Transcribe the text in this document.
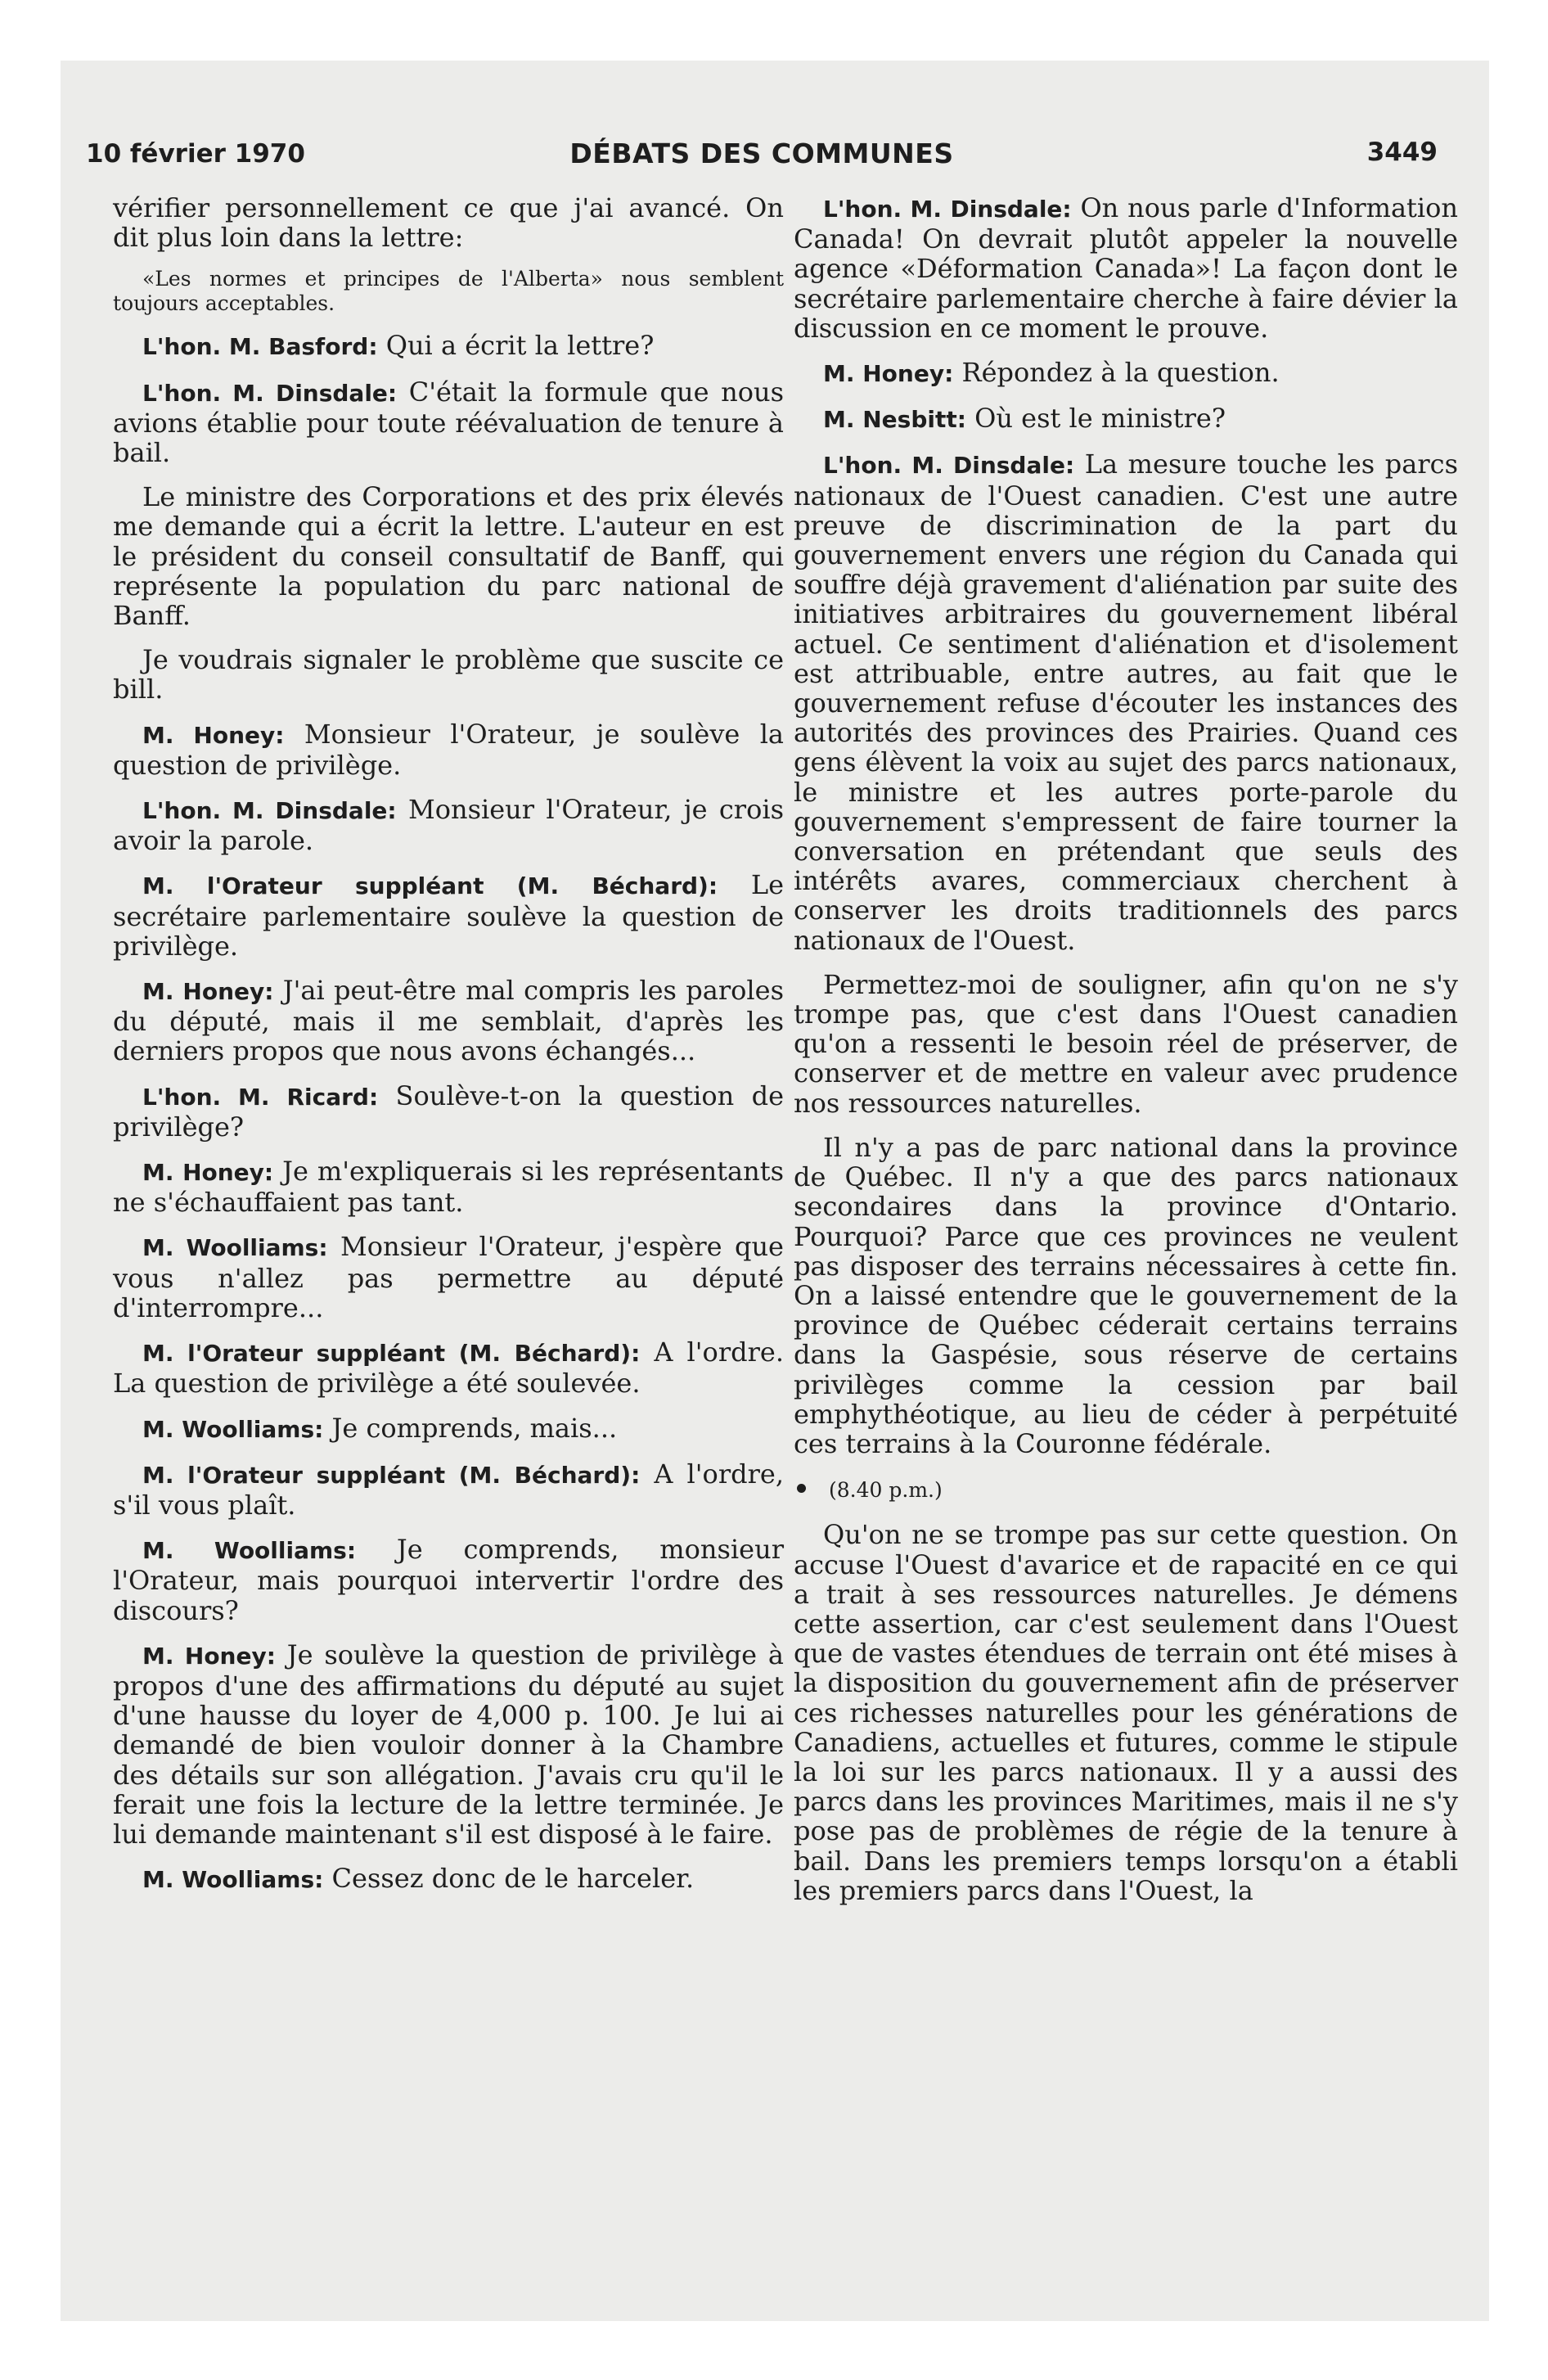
10 février 1970	DÉBATS DES COMMUNES	3449

vérifier personnellement ce que j'ai avancé. On dit plus loin dans la lettre:

«Les normes et principes de l'Alberta» nous semblent toujours acceptables.

L'hon. M. Basford: Qui a écrit la lettre?

L'hon. M. Dinsdale: C'était la formule que nous avions établie pour toute réévaluation de tenure à bail.

Le ministre des Corporations et des prix élevés me demande qui a écrit la lettre. L'auteur en est le président du conseil consultatif de Banff, qui représente la population du parc national de Banff.

Je voudrais signaler le problème que suscite ce bill.

M. Honey: Monsieur l'Orateur, je soulève la question de privilège.

L'hon. M. Dinsdale: Monsieur l'Orateur, je crois avoir la parole.

M. l'Orateur suppléant (M. Béchard): Le secrétaire parlementaire soulève la question de privilège.

M. Honey: J'ai peut-être mal compris les paroles du député, mais il me semblait, d'après les derniers propos que nous avons échangés...

L'hon. M. Ricard: Soulève-t-on la question de privilège?

M. Honey: Je m'expliquerais si les représentants ne s'échauffaient pas tant.

M. Woolliams: Monsieur l'Orateur, j'espère que vous n'allez pas permettre au député d'interrompre...

M. l'Orateur suppléant (M. Béchard): A l'ordre. La question de privilège a été soulevée.

M. Woolliams: Je comprends, mais...

M. l'Orateur suppléant (M. Béchard): A l'ordre, s'il vous plaît.

M. Woolliams: Je comprends, monsieur l'Orateur, mais pourquoi intervertir l'ordre des discours?

M. Honey: Je soulève la question de privilège à propos d'une des affirmations du député au sujet d'une hausse du loyer de 4,000 p. 100. Je lui ai demandé de bien vouloir donner à la Chambre des détails sur son allégation. J'avais cru qu'il le ferait une fois la lecture de la lettre terminée. Je lui demande maintenant s'il est disposé à le faire.

M. Woolliams: Cessez donc de le harceler.

L'hon. M. Dinsdale: On nous parle d'Information Canada! On devrait plutôt appeler la nouvelle agence «Déformation Canada»! La façon dont le secrétaire parlementaire cherche à faire dévier la discussion en ce moment le prouve.

M. Honey: Répondez à la question.

M. Nesbitt: Où est le ministre?

L'hon. M. Dinsdale: La mesure touche les parcs nationaux de l'Ouest canadien. C'est une autre preuve de discrimination de la part du gouvernement envers une région du Canada qui souffre déjà gravement d'aliénation par suite des initiatives arbitraires du gouvernement libéral actuel. Ce sentiment d'aliénation et d'isolement est attribuable, entre autres, au fait que le gouvernement refuse d'écouter les instances des autorités des provinces des Prairies. Quand ces gens élèvent la voix au sujet des parcs nationaux, le ministre et les autres porte-parole du gouvernement s'empressent de faire tourner la conversation en prétendant que seuls des intérêts avares, commerciaux cherchent à conserver les droits traditionnels des parcs nationaux de l'Ouest.

Permettez-moi de souligner, afin qu'on ne s'y trompe pas, que c'est dans l'Ouest canadien qu'on a ressenti le besoin réel de préserver, de conserver et de mettre en valeur avec prudence nos ressources naturelles.

Il n'y a pas de parc national dans la province de Québec. Il n'y a que des parcs nationaux secondaires dans la province d'Ontario. Pourquoi? Parce que ces provinces ne veulent pas disposer des terrains nécessaires à cette fin. On a laissé entendre que le gouvernement de la province de Québec céderait certains terrains dans la Gaspésie, sous réserve de certains privilèges comme la cession par bail emphythéotique, au lieu de céder à perpétuité ces terrains à la Couronne fédérale.

(8.40 p.m.)

Qu'on ne se trompe pas sur cette question. On accuse l'Ouest d'avarice et de rapacité en ce qui a trait à ses ressources naturelles. Je démens cette assertion, car c'est seulement dans l'Ouest que de vastes étendues de terrain ont été mises à la disposition du gouvernement afin de préserver ces richesses naturelles pour les générations de Canadiens, actuelles et futures, comme le stipule la loi sur les parcs nationaux. Il y a aussi des parcs dans les provinces Maritimes, mais il ne s'y pose pas de problèmes de régie de la tenure à bail. Dans les premiers temps lorsqu'on a établi les premiers parcs dans l'Ouest, la
